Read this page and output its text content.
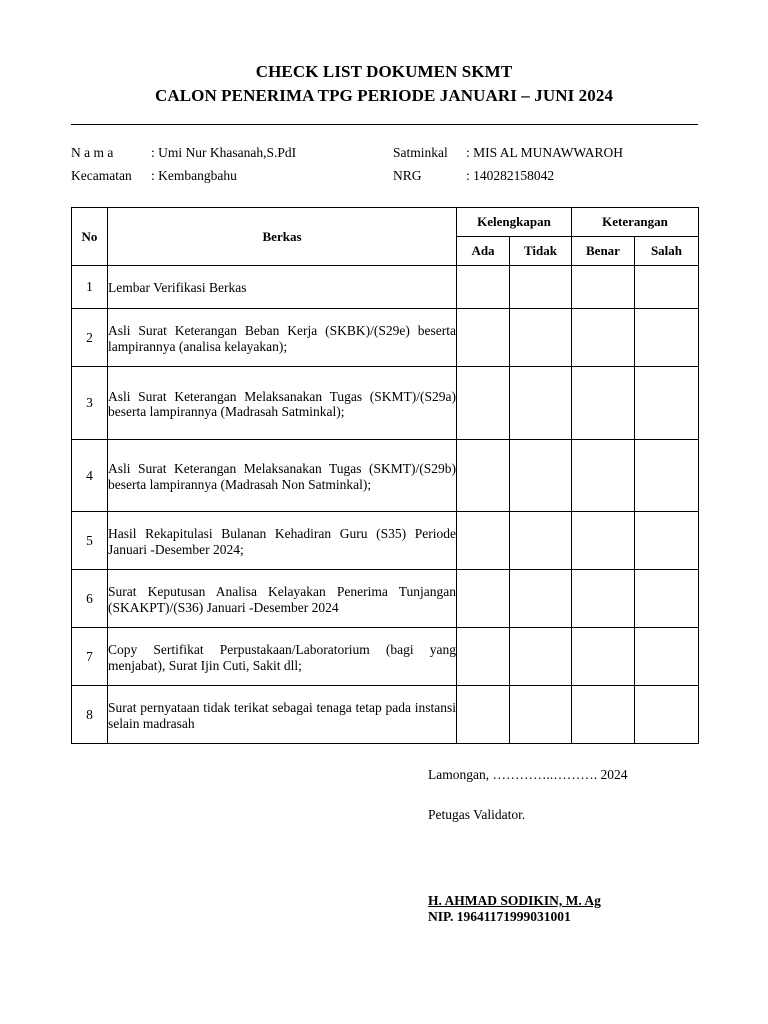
CHECK LIST DOKUMEN SKMT
CALON PENERIMA TPG PERIODE JANUARI – JUNI 2024
N a m a	: Umi Nur Khasanah,S.PdI
Kecamatan : Kembangbahu
Satminkal : MIS AL MUNAWWAROH
NRG	: 140282158042
No	Berkas	Kelengkapan		Keterangan	
		Ada	Tidak	Benar	Salah
1	Lembar Verifikasi Berkas				

2	Asli Surat Keterangan Beban Kerja (SKBK)/(S29e) beserta lampirannya (analisa kelayakan);				

3	Asli Surat Keterangan Melaksanakan Tugas (SKMT)/(S29a) beserta lampirannya (Madrasah Satminkal);				

4	Asli Surat Keterangan Melaksanakan Tugas (SKMT)/(S29b) beserta lampirannya (Madrasah Non Satminkal);				

5	Hasil Rekapitulasi Bulanan Kehadiran Guru (S35) Periode Januari -Desember 2024;				

6	Surat Keputusan Analisa Kelayakan Penerima Tunjangan (SKAKPT)/(S36) Januari -Desember 2024				

7	Copy Sertifikat Perpustakaan/Laboratorium (bagi yang menjabat), Surat Ijin Cuti, Sakit dll;				

8	Surat pernyataan tidak terikat sebagai tenaga tetap pada instansi selain madrasah				

Lamongan, …………..………. 2024
Petugas Validator.
H. AHMAD SODIKIN, M. Ag
NIP. 19641171999031001
